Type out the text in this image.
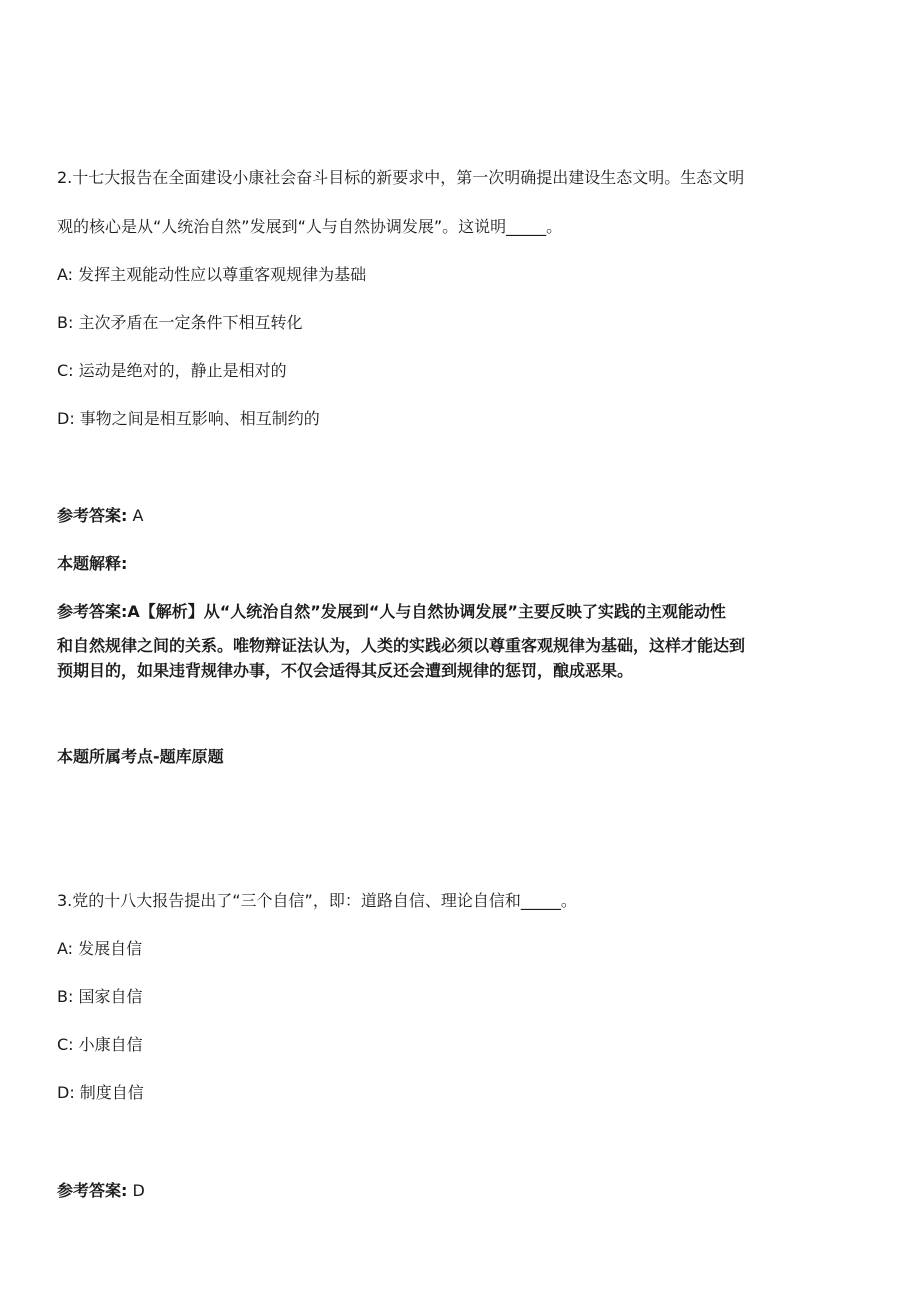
2.十七大报告在全面建设小康社会奋斗目标的新要求中，第一次明确提出建设生态文明。生态文明
观的核心是从“人统治自然”发展到“人与自然协调发展”。这说明_____。
A: 发挥主观能动性应以尊重客观规律为基础
B: 主次矛盾在一定条件下相互转化
C: 运动是绝对的，静止是相对的
D: 事物之间是相互影响、相互制约的
参考答案: A
本题解释:
参考答案:A【解析】从“人统治自然”发展到“人与自然协调发展”主要反映了实践的主观能动性
和自然规律之间的关系。唯物辩证法认为，人类的实践必须以尊重客观规律为基础，这样才能达到
预期目的，如果违背规律办事，不仅会适得其反还会遭到规律的惩罚，酿成恶果。
本题所属考点-题库原题
3.党的十八大报告提出了“三个自信”，即：道路自信、理论自信和_____。
A: 发展自信
B: 国家自信
C: 小康自信
D: 制度自信
参考答案: D
